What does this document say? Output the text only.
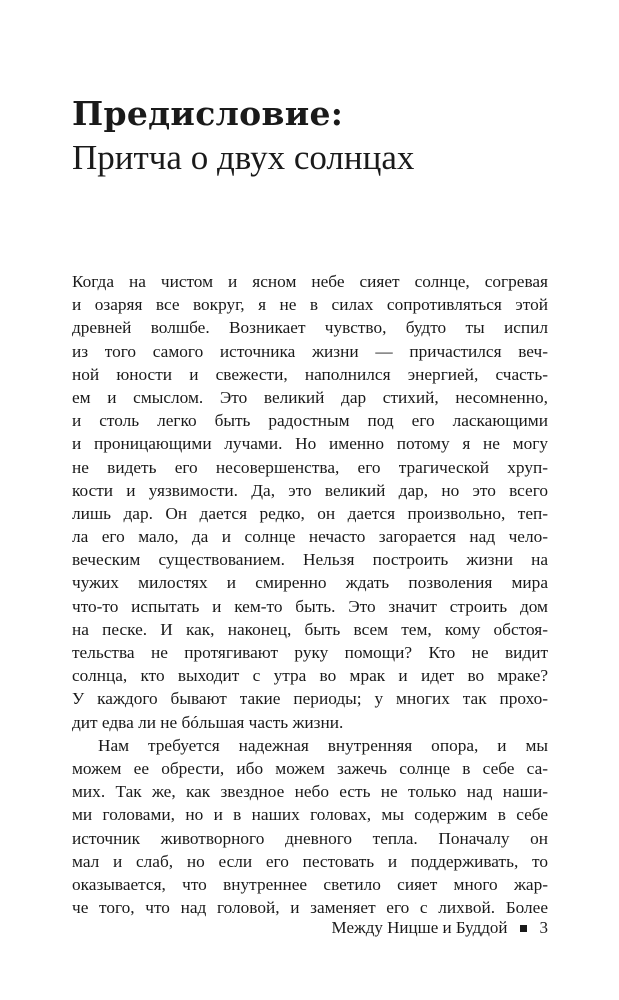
Предисловие:
Притча о двух солнцах
Когда на чистом и ясном небе сияет солнце, согревая
и озаряя все вокруг, я не в силах сопротивляться этой
древней волшбе. Возникает чувство, будто ты испил
из того самого источника жизни — причастился веч-
ной юности и свежести, наполнился энергией, счасть-
ем и смыслом. Это великий дар стихий, несомненно,
и столь легко быть радостным под его ласкающими
и проницающими лучами. Но именно потому я не могу
не видеть его несовершенства, его трагической хруп-
кости и уязвимости. Да, это великий дар, но это всего
лишь дар. Он дается редко, он дается произвольно, теп-
ла его мало, да и солнце нечасто загорается над чело-
веческим существованием. Нельзя построить жизни на
чужих милостях и смиренно ждать позволения мира
что-то испытать и кем-то быть. Это значит строить дом
на песке. И как, наконец, быть всем тем, кому обстоя-
тельства не протягивают руку помощи? Кто не видит
солнца, кто выходит с утра во мрак и идет во мраке?
У каждого бывают такие периоды; у многих так прохо-
дит едва ли не бóльшая часть жизни.
Нам требуется надежная внутренняя опора, и мы
можем ее обрести, ибо можем зажечь солнце в себе са-
мих. Так же, как звездное небо есть не только над наши-
ми головами, но и в наших головах, мы содержим в себе
источник животворного дневного тепла. Поначалу он
мал и слаб, но если его пестовать и поддерживать, то
оказывается, что внутреннее светило сияет много жар-
че того, что над головой, и заменяет его с лихвой. Более
Между Ницше и Буддой 3
